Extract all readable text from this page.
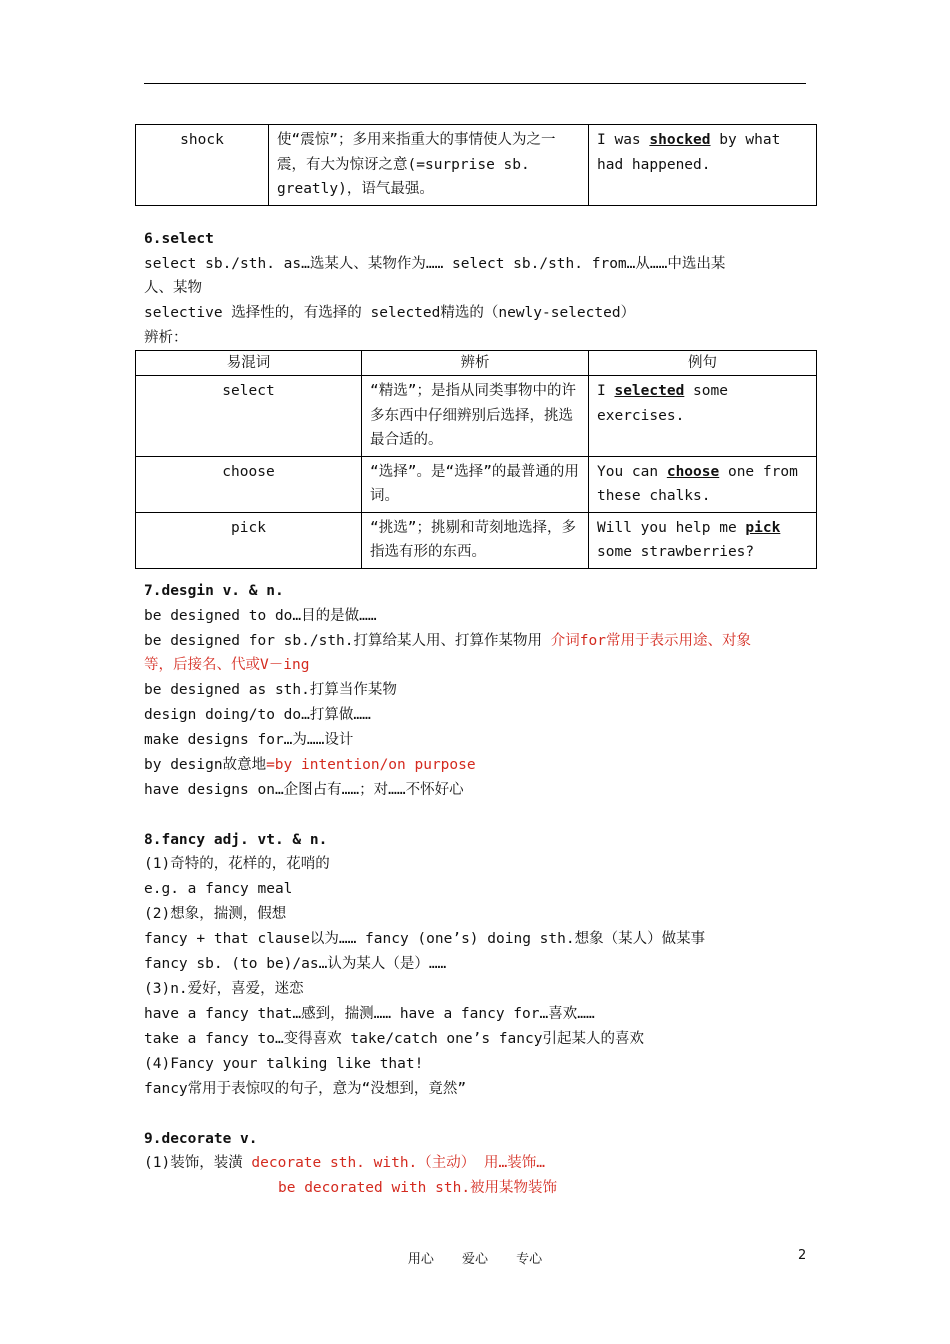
shock	使“震惊”；多用来指重大的事情使人为之一震，有大为惊讶之意(=surprise sb. greatly)，语气最强。	I was shocked by what had happened.
6.select
select sb./sth. as…选某人、某物作为…… select sb./sth. from…从……中选出某
人、某物
selective 选择性的，有选择的 selected精选的（newly-selected）
辨析：
易混词	辨析	例句
select	“精选”；是指从同类事物中的许多东西中仔细辨别后选择，挑选最合适的。	I selected some exercises.
choose	“选择”。是“选择”的最普通的用词。	You can choose one from these chalks.
pick	“挑选”；挑剔和苛刻地选择，多指选有形的东西。	Will you help me pick some strawberries?
7.desgin v. & n.
be designed to do…目的是做……
be designed for sb./sth.打算给某人用、打算作某物用 介词for常用于表示用途、对象
等，后接名、代或V－ing
be designed as sth.打算当作某物
design doing/to do…打算做……
make designs for…为……设计
by design故意地=by intention/on purpose
have designs on…企图占有……；对……不怀好心
8.fancy adj. vt. & n.
(1)奇特的，花样的，花哨的
e.g. a fancy meal
(2)想象，揣测，假想
fancy + that clause以为…… fancy (one’s) doing sth.想象（某人）做某事
fancy sb. (to be)/as…认为某人（是）……
(3)n.爱好，喜爱，迷恋
have a fancy that…感到，揣测…… have a fancy for…喜欢……
take a fancy to…变得喜欢 take/catch one’s fancy引起某人的喜欢
(4)Fancy your talking like that!
fancy常用于表惊叹的句子，意为“没想到，竟然”
9.decorate v.
(1)装饰，装潢 decorate sth. with.（主动） 用…装饰…
be decorated with sth.被用某物装饰
用心 爱心 专心	2
